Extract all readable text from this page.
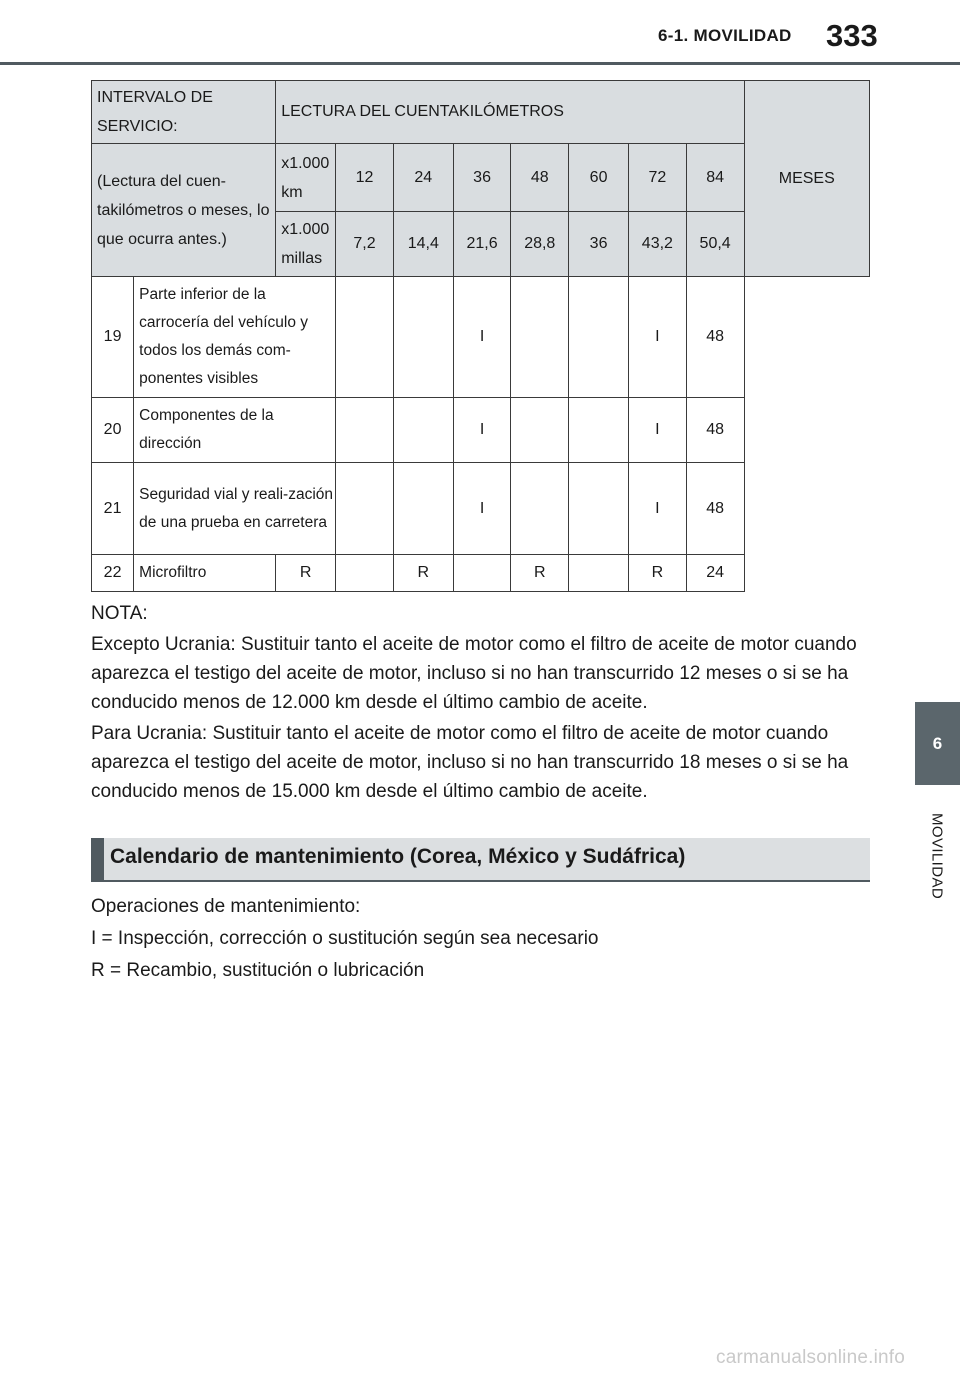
6-1. MOVILIDAD 333
6
MOVILIDAD
INTERVALO DE SERVICIO:		LECTURA DEL CUENTAKILÓMETROS								MESES
(Lectura del cuen-takilómetros o meses, lo que ocurra antes.)		x1.000 km	12	24	36	48	60	72	84	
		x1.000 millas	7,2	14,4	21,6	28,8	36	43,2	50,4	
19	Parte inferior de la carrocería del vehículo y todos los demás com-ponentes visibles				I			I	48	
20	Componentes de la dirección				I			I	48	
21	Seguridad vial y reali-zación de una prueba en carretera				I			I	48	
22	Microfiltro	R		R		R		R	24	
NOTA:
Excepto Ucrania: Sustituir tanto el aceite de motor como el filtro de aceite de motor cuando aparezca el testigo del aceite de motor, incluso si no han transcurrido 12 meses o si se ha conducido menos de 12.000 km desde el último cambio de aceite.
Para Ucrania: Sustituir tanto el aceite de motor como el filtro de aceite de motor cuando aparezca el testigo del aceite de motor, incluso si no han transcurrido 18 meses o si se ha conducido menos de 15.000 km desde el último cambio de aceite.
Calendario de mantenimiento (Corea, México y Sudáfrica)
Operaciones de mantenimiento:
I = Inspección, corrección o sustitución según sea necesario
R = Recambio, sustitución o lubricación
carmanualsonline.info
